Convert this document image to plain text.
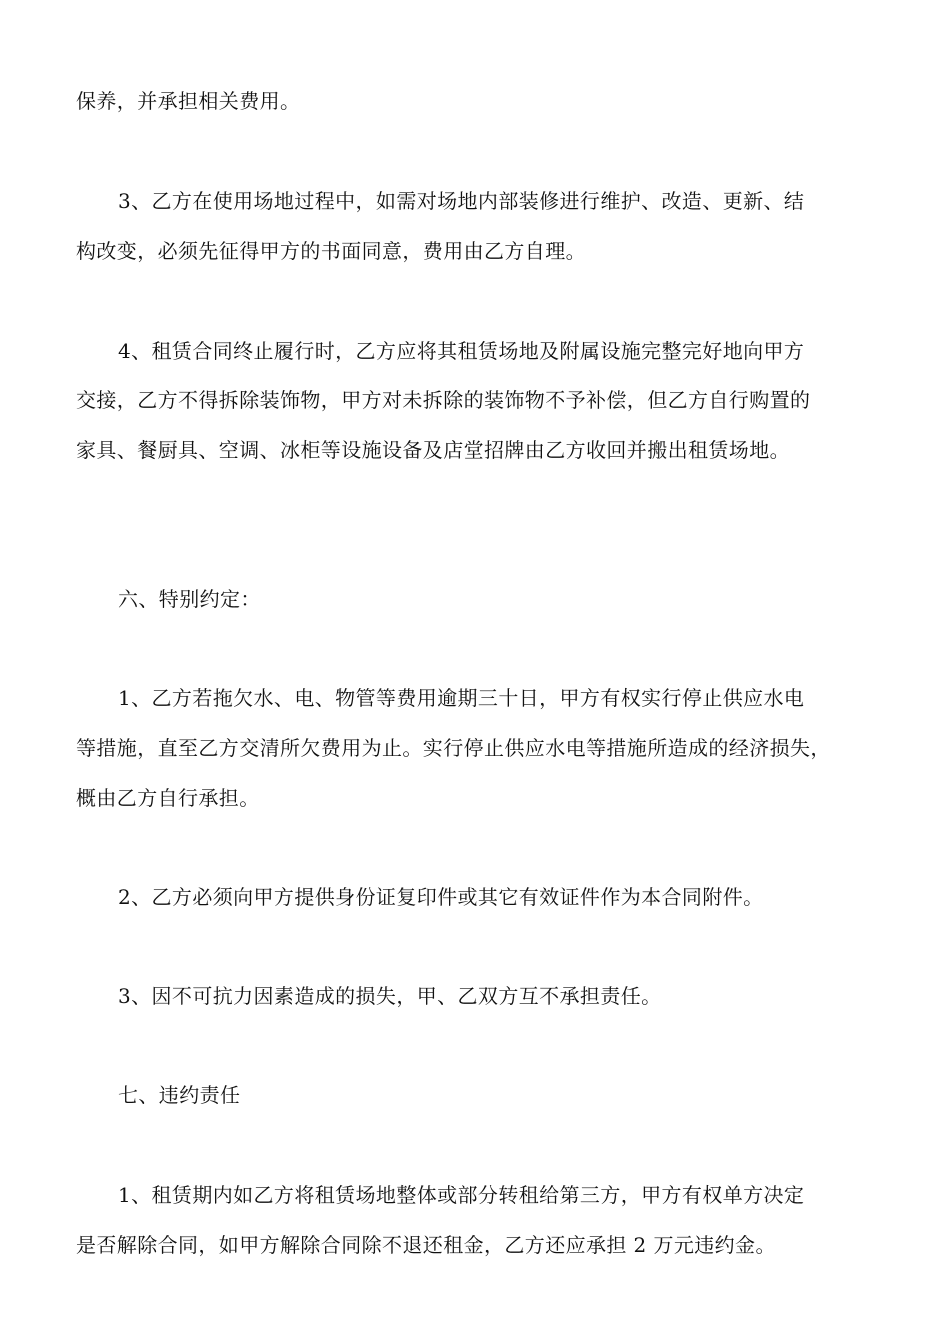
保养，并承担相关费用。
3、乙方在使用场地过程中，如需对场地内部装修进行维护、改造、更新、结
构改变，必须先征得甲方的书面同意，费用由乙方自理。
4、租赁合同终止履行时，乙方应将其租赁场地及附属设施完整完好地向甲方
交接，乙方不得拆除装饰物，甲方对未拆除的装饰物不予补偿，但乙方自行购置的
家具、餐厨具、空调、冰柜等设施设备及店堂招牌由乙方收回并搬出租赁场地。
六、特别约定：
1、乙方若拖欠水、电、物管等费用逾期三十日，甲方有权实行停止供应水电
等措施，直至乙方交清所欠费用为止。实行停止供应水电等措施所造成的经济损失，
概由乙方自行承担。
2、乙方必须向甲方提供身份证复印件或其它有效证件作为本合同附件。
3、因不可抗力因素造成的损失，甲、乙双方互不承担责任。
七、违约责任
1、租赁期内如乙方将租赁场地整体或部分转租给第三方，甲方有权单方决定
是否解除合同，如甲方解除合同除不退还租金，乙方还应承担 2 万元违约金。
